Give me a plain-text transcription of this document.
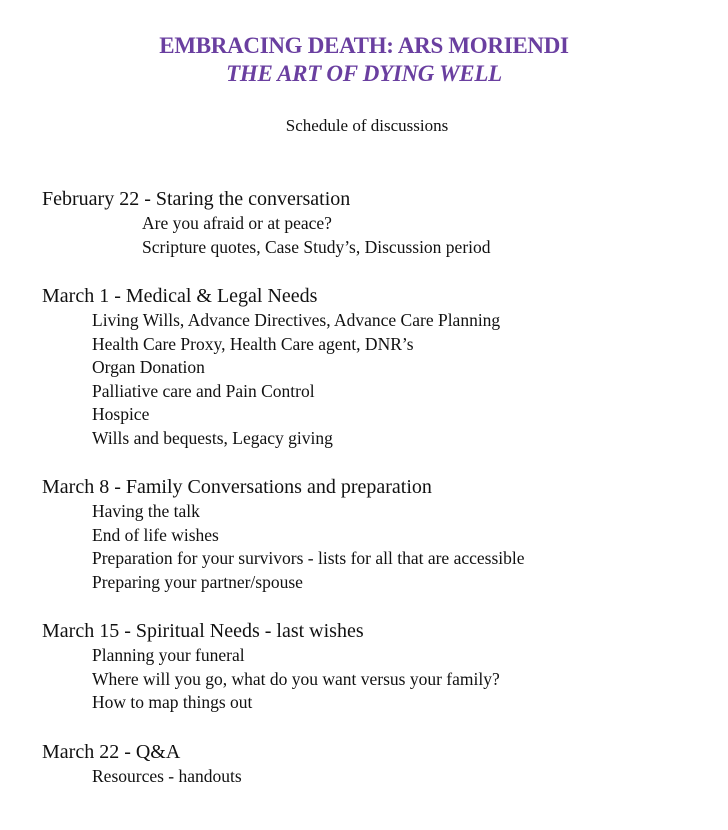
EMBRACING DEATH: ARS MORIENDI
THE ART OF DYING WELL
Schedule of discussions
February 22 - Staring the conversation
Are you afraid or at peace?
Scripture quotes, Case Study’s, Discussion period
March 1 - Medical & Legal Needs
Living Wills, Advance Directives, Advance Care Planning
Health Care Proxy, Health Care agent, DNR’s
Organ Donation
Palliative care and Pain Control
Hospice
Wills and bequests, Legacy giving
March 8 - Family Conversations and preparation
Having the talk
End of life wishes
Preparation for your survivors - lists for all that are accessible
Preparing your partner/spouse
March 15 - Spiritual Needs - last wishes
Planning your funeral
Where will you go, what do you want versus your family?
How to map things out
March 22 - Q&A
Resources - handouts
